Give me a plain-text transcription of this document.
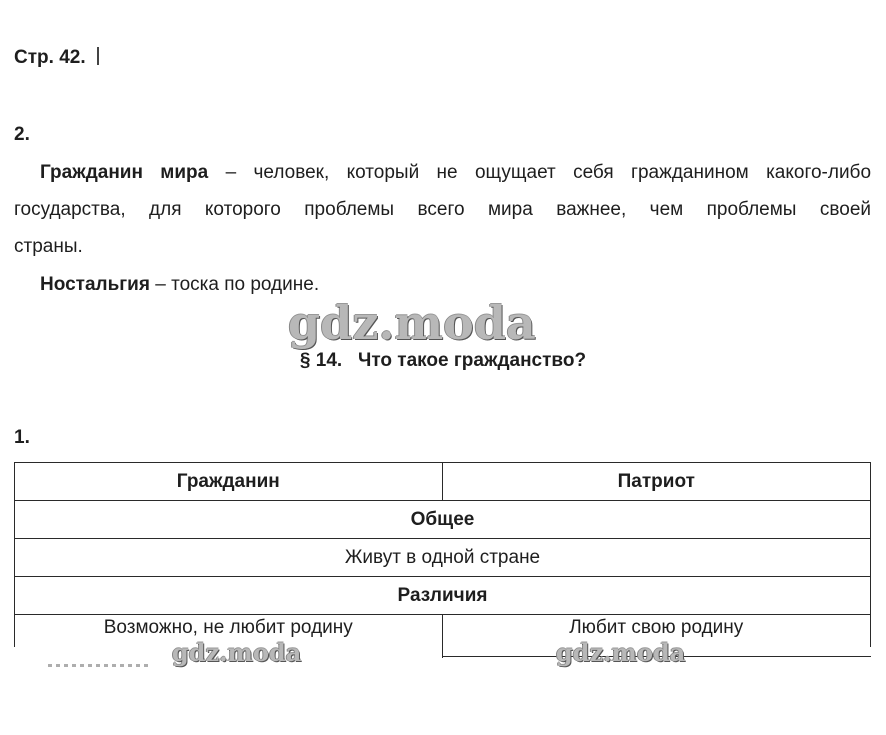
Стр. 42.
2.
Гражданин мира – человек, который не ощущает себя гражданином какого-либо
государства, для которого проблемы всего мира важнее, чем проблемы своей
страны.
Ностальгия – тоска по родине.
gdz.moda
§ 14.   Что такое гражданство?
1.
Гражданин	Патриот
Общее	
Живут в одной стране	
Различия	
Возможно, не любит родину	Любит свою родину
gdz.moda	gdz.moda
